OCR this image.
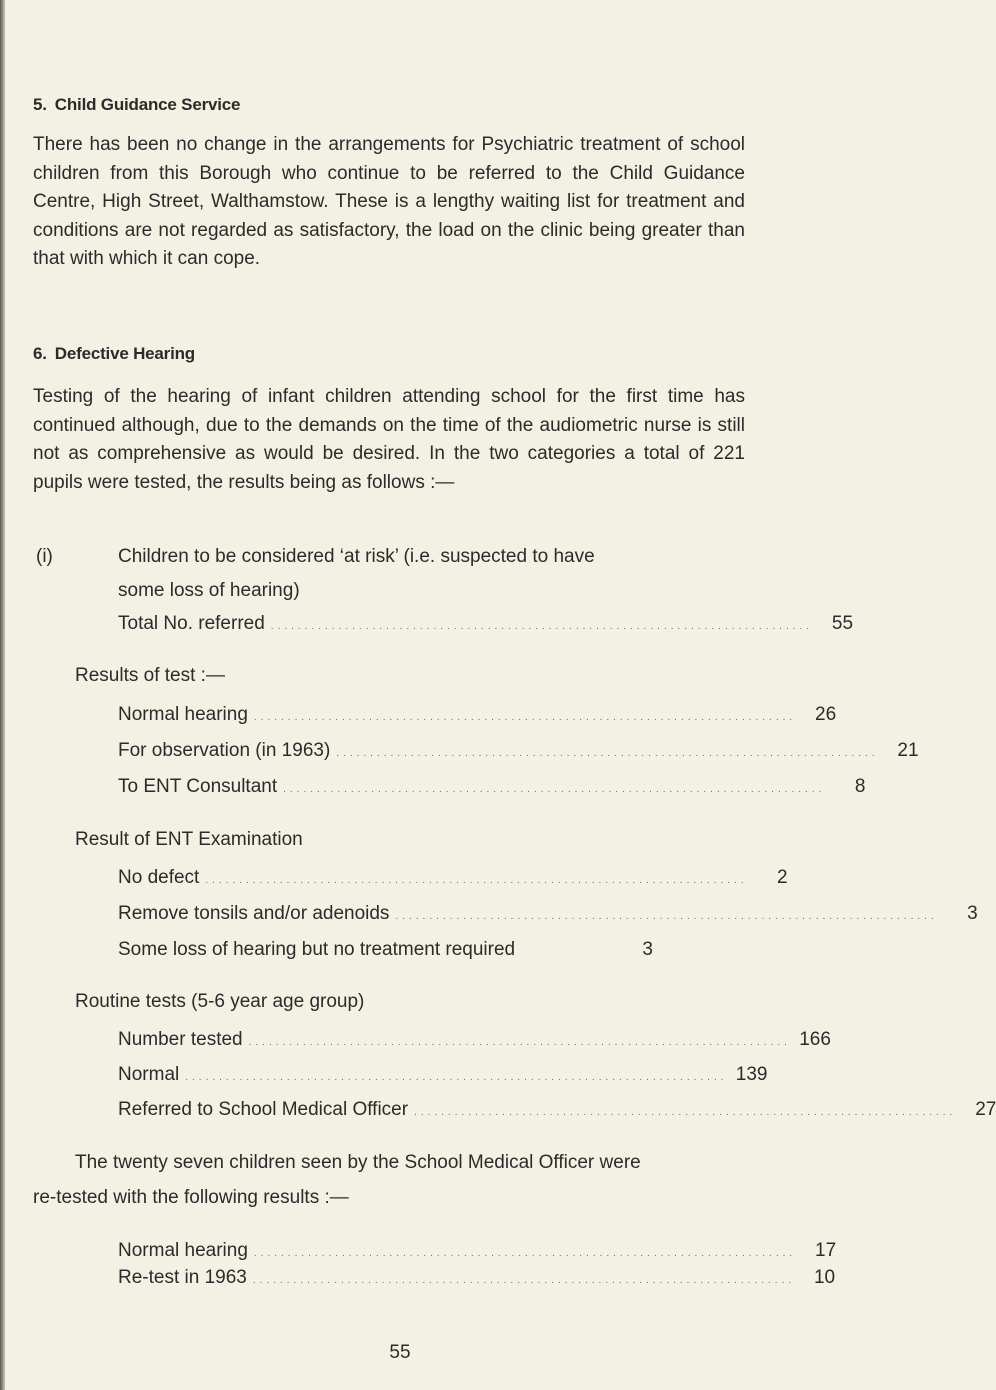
5. Child Guidance Service
There has been no change in the arrangements for Psychiatric treatment of school children from this Borough who continue to be referred to the Child Guidance Centre, High Street, Walthamstow. These is a lengthy waiting list for treatment and conditions are not regarded as satisfactory, the load on the clinic being greater than that with which it can cope.
6. Defective Hearing
Testing of the hearing of infant children attending school for the first time has continued although, due to the demands on the time of the audiometric nurse is still not as comprehensive as would be desired. In the two categories a total of 221 pupils were tested, the results being as follows :—
(i)	Children to be considered ‘at risk’ (i.e. suspected to have
some loss of hearing)
Total No. referred ................................................................................ 55
Results of test :—
Normal hearing ................................................................................ 26
For observation (in 1963) ................................................................................ 21
To ENT Consultant ................................................................................	8
Result of ENT Examination
No defect ................................................................................	2
Remove tonsils and/or adenoids ................................................................................	3
Some loss of hearing but no treatment required	3
Routine tests (5-6 year age group)
Number tested ................................................................................ 166
Normal ................................................................................ 139
Referred to School Medical Officer ................................................................................ 27
The twenty seven children seen by the School Medical Officer were
re-tested with the following results :—
Normal hearing ................................................................................ 17
Re-test in 1963 ................................................................................ 10
55
